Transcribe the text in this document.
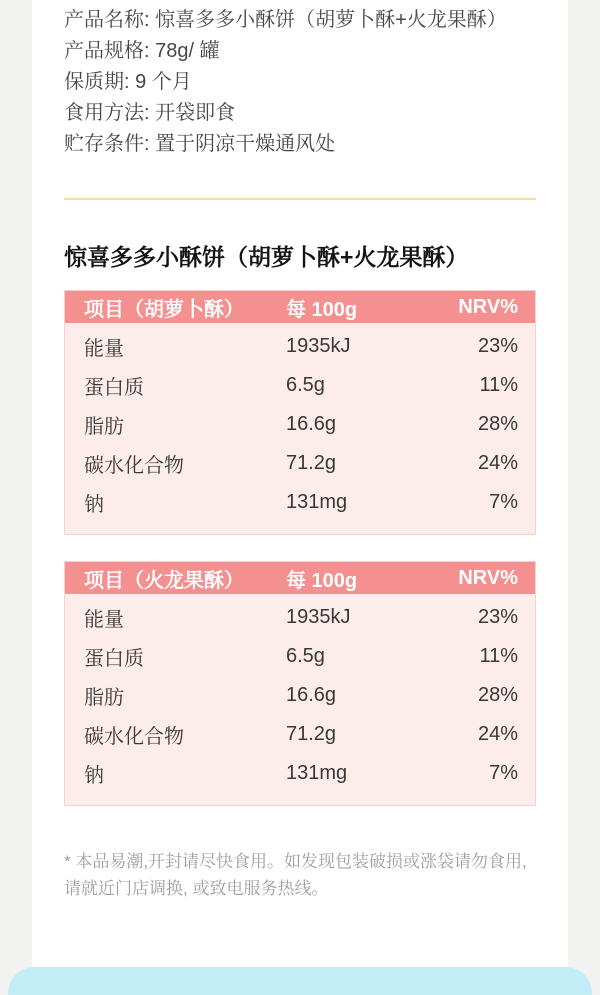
产品名称: 惊喜多多小酥饼（胡萝卜酥+火龙果酥）
产品规格: 78g/ 罐
保质期: 9 个月
食用方法: 开袋即食
贮存条件: 置于阴凉干燥通风处
惊喜多多小酥饼（胡萝卜酥+火龙果酥）
项目（胡萝卜酥）	每 100g	NRV%
能量	1935kJ	23%
蛋白质	6.5g	11%
脂肪	16.6g	28%
碳水化合物	71.2g	24%
钠	131mg	7%
项目（火龙果酥）	每 100g	NRV%
能量	1935kJ	23%
蛋白质	6.5g	11%
脂肪	16.6g	28%
碳水化合物	71.2g	24%
钠	131mg	7%
* 本品易潮,开封请尽快食用。如发现包装破损或涨袋请勿食用,
请就近门店调换, 或致电服务热线。
